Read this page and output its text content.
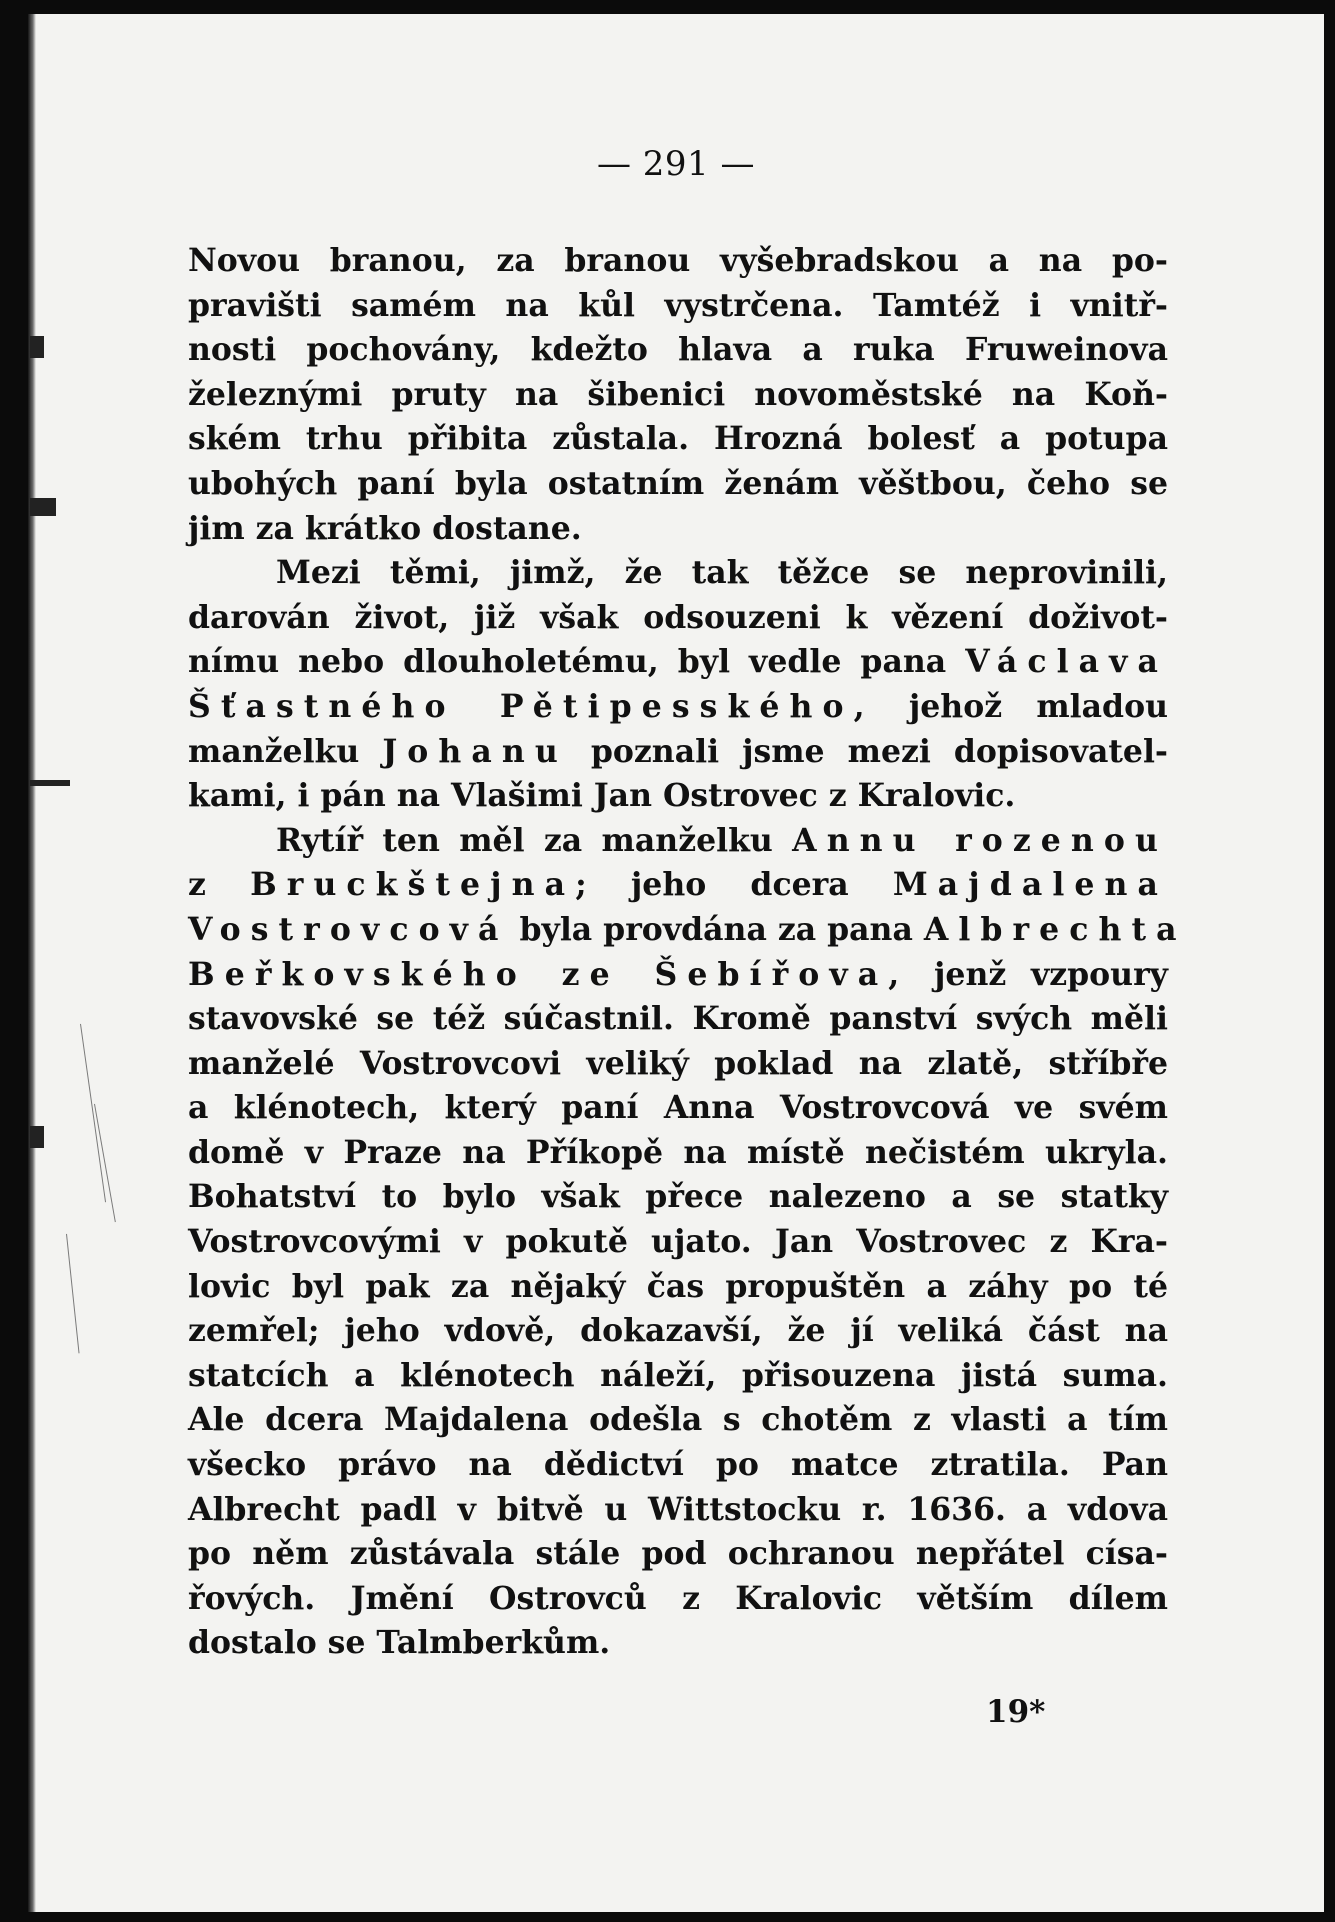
— 291 —
Novou branou, za branou vyšebradskou a na po-
pravišti samém na kůl vystrčena. Tamtéž i vnitř-
nosti pochovány, kdežto hlava a ruka Fruweinova
železnými pruty na šibenici novoměstské na Koň-
ském trhu přibita zůstala. Hrozná bolesť a potupa
ubohých paní byla ostatním ženám věštbou, čeho se
jim za krátko dostane.
Mezi těmi, jimž, že tak těžce se neprovinili,
darován život, již však odsouzeni k vězení doživot-
nímu nebo dlouholetému, byl vedle pana Václava
Šťastného Pětipesského, jehož mladou
manželku Johanu poznali jsme mezi dopisovatel-
kami, i pán na Vlašimi Jan Ostrovec z Kralovic.
Rytíř ten měl za manželku Annu rozenou
z Bruckštejna; jeho dcera Majdalena
Vostrovcová byla provdána za pana Albrechta
Beřkovského ze Šebířova, jenž vzpoury
stavovské se též súčastnil. Kromě panství svých měli
manželé Vostrovcovi veliký poklad na zlatě, stříbře
a klénotech, který paní Anna Vostrovcová ve svém
domě v Praze na Příkopě na místě nečistém ukryla.
Bohatství to bylo však přece nalezeno a se statky
Vostrovcovými v pokutě ujato. Jan Vostrovec z Kra-
lovic byl pak za nějaký čas propuštěn a záhy po té
zemřel; jeho vdově, dokazavší, že jí veliká část na
statcích a klénotech náleží, přisouzena jistá suma.
Ale dcera Majdalena odešla s chotěm z vlasti a tím
všecko právo na dědictví po matce ztratila. Pan
Albrecht padl v bitvě u Wittstocku r. 1636. a vdova
po něm zůstávala stále pod ochranou nepřátel císa-
řových. Jmění Ostrovců z Kralovic větším dílem
dostalo se Talmberkům.
19*
